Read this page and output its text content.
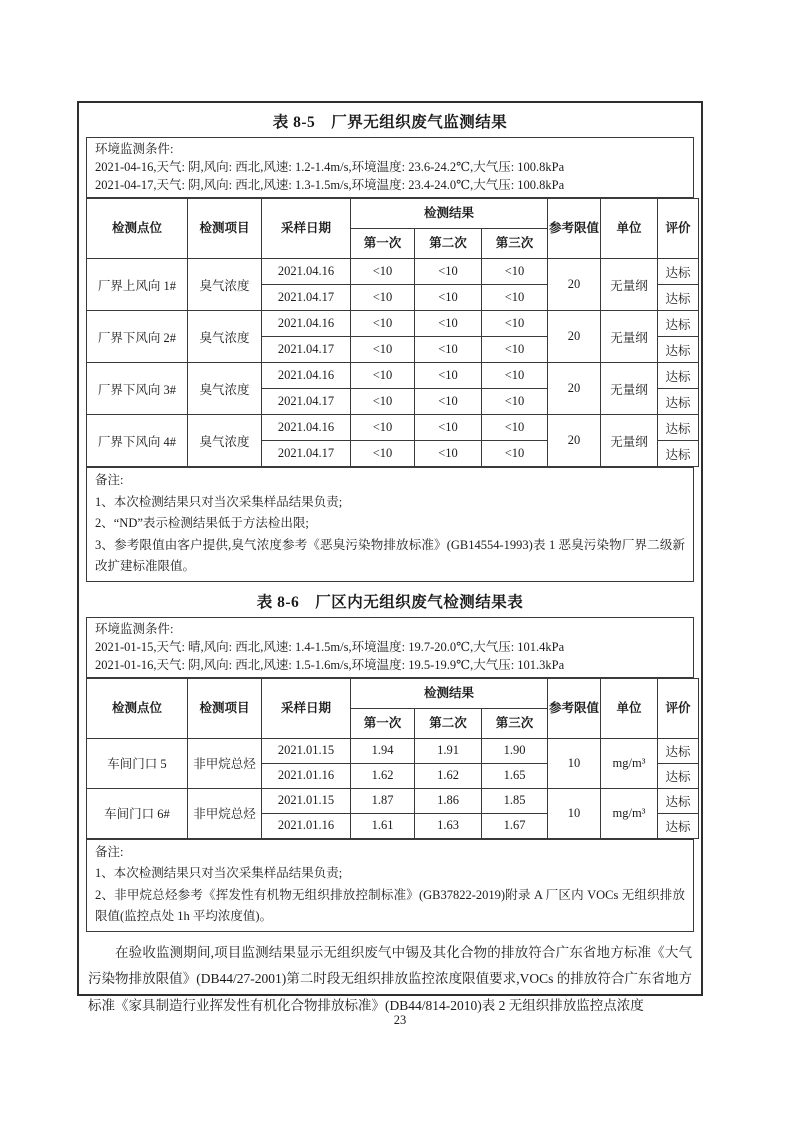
表 8-5　厂界无组织废气监测结果
环境监测条件:
2021-04-16,天气: 阴,风向: 西北,风速: 1.2-1.4m/s,环境温度: 23.6-24.2℃,大气压: 100.8kPa
2021-04-17,天气: 阴,风向: 西北,风速: 1.3-1.5m/s,环境温度: 23.4-24.0℃,大气压: 100.8kPa
检测点位	检测项目	采样日期	检测结果			参考限值	单位	评价
			第一次	第二次	第三次			
厂界上风向 1#	臭气浓度	2021.04.16	<10	<10	<10	20	无量纲	达标
		2021.04.17	<10	<10	<10			达标
厂界下风向 2#	臭气浓度	2021.04.16	<10	<10	<10	20	无量纲	达标
		2021.04.17	<10	<10	<10			达标
厂界下风向 3#	臭气浓度	2021.04.16	<10	<10	<10	20	无量纲	达标
		2021.04.17	<10	<10	<10			达标
厂界下风向 4#	臭气浓度	2021.04.16	<10	<10	<10	20	无量纲	达标
		2021.04.17	<10	<10	<10			达标
备注:
1、本次检测结果只对当次采集样品结果负责;
2、“ND”表示检测结果低于方法检出限;
3、参考限值由客户提供,臭气浓度参考《恶臭污染物排放标准》(GB14554-1993)表 1 恶臭污染物厂界二级新改扩建标准限值。
表 8-6　厂区内无组织废气检测结果表
环境监测条件:
2021-01-15,天气: 晴,风向: 西北,风速: 1.4-1.5m/s,环境温度: 19.7-20.0℃,大气压: 101.4kPa
2021-01-16,天气: 阴,风向: 西北,风速: 1.5-1.6m/s,环境温度: 19.5-19.9℃,大气压: 101.3kPa
检测点位	检测项目	采样日期	检测结果			参考限值	单位	评价
			第一次	第二次	第三次			
车间门口 5	非甲烷总烃	2021.01.15	1.94	1.91	1.90	10	mg/m³	达标
		2021.01.16	1.62	1.62	1.65			达标
车间门口 6#	非甲烷总烃	2021.01.15	1.87	1.86	1.85	10	mg/m³	达标
		2021.01.16	1.61	1.63	1.67			达标
备注:
1、本次检测结果只对当次采集样品结果负责;
2、非甲烷总烃参考《挥发性有机物无组织排放控制标准》(GB37822-2019)附录 A 厂区内 VOCs 无组织排放限值(监控点处 1h 平均浓度值)。

在验收监测期间,项目监测结果显示无组织废气中锡及其化合物的排放符合广东省地方标准《大气污染物排放限值》(DB44/27-2001)第二时段无组织排放监控浓度限值要求,VOCs 的排放符合广东省地方标准《家具制造行业挥发性有机化合物排放标准》(DB44/814-2010)表 2 无组织排放监控点浓度

23
